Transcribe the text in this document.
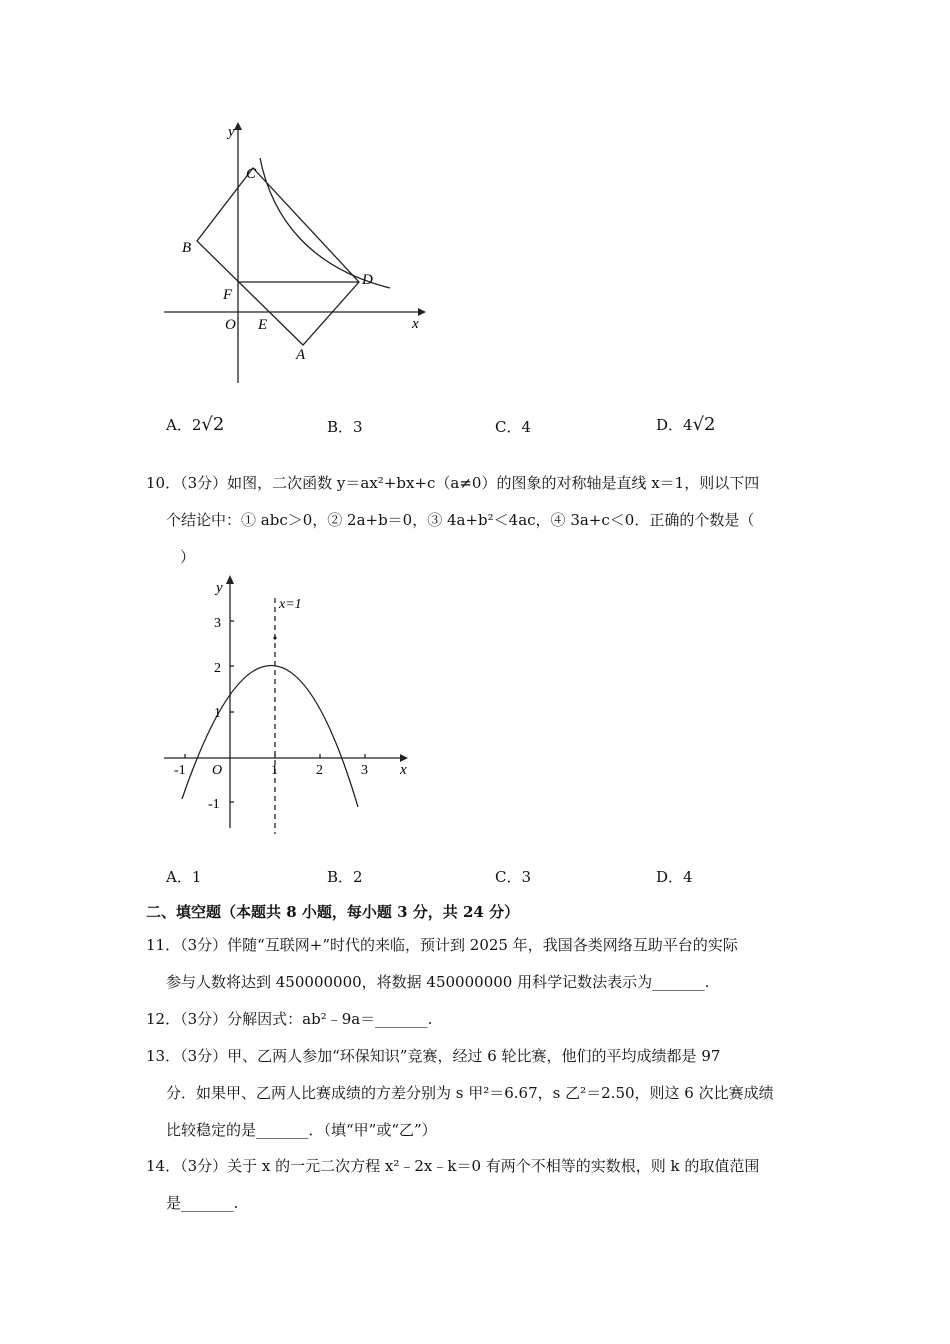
y
x
C
B
D
F
O E
A
A．2√2	B．3	C．4	D．4√2
10．（3分）如图，二次函数 y＝ax²+bx+c（a≠0）的图象的对称轴是直线 x＝1，则以下四
个结论中：① abc＞0，② 2a+b＝0，③ 4a+b²＜4ac，④ 3a+c＜0．正确的个数是（
）
y
x
x=1
O
-1	1	2	3
3
2
1
-1
A．1	B．2	C．3	D．4
二、填空题（本题共 8 小题，每小题 3 分，共 24 分）
11．（3分）伴随“互联网+”时代的来临，预计到 2025 年，我国各类网络互助平台的实际
参与人数将达到 450000000，将数据 450000000 用科学记数法表示为_______.
12．（3分）分解因式：ab²﹣9a＝_______.
13．（3分）甲、乙两人参加“环保知识”竞赛，经过 6 轮比赛，他们的平均成绩都是 97
分．如果甲、乙两人比赛成绩的方差分别为 s 甲²＝6.67，s 乙²＝2.50，则这 6 次比赛成绩
比较稳定的是_______．（填“甲”或“乙”）
14．（3分）关于 x 的一元二次方程 x²﹣2x﹣k＝0 有两个不相等的实数根，则 k 的取值范围
是_______.
